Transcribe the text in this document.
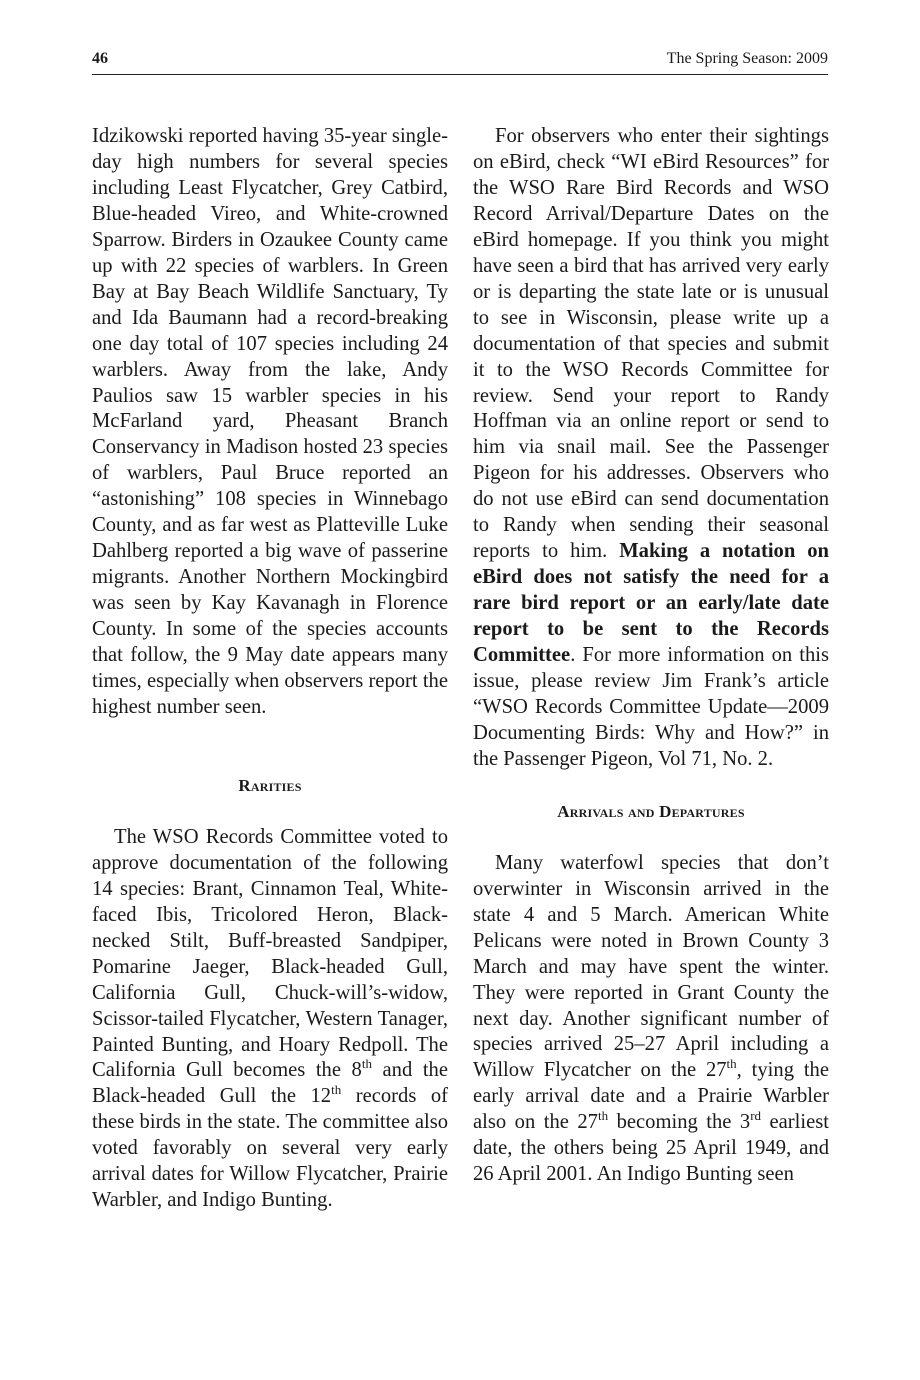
46	The Spring Season: 2009

Idzikowski reported having 35-year single-day high numbers for several species including Least Flycatcher, Grey Catbird, Blue-headed Vireo, and White-crowned Sparrow. Birders in Ozaukee County came up with 22 species of warblers. In Green Bay at Bay Beach Wildlife Sanctuary, Ty and Ida Baumann had a record-breaking one day total of 107 species including 24 warblers. Away from the lake, Andy Paulios saw 15 warbler species in his McFarland yard, Pheasant Branch Conservancy in Madison hosted 23 species of warblers, Paul Bruce reported an “astonishing” 108 species in Winnebago County, and as far west as Platteville Luke Dahlberg reported a big wave of passerine migrants. Another Northern Mockingbird was seen by Kay Kavanagh in Florence County. In some of the species accounts that follow, the 9 May date appears many times, especially when observers report the highest number seen.

Rarities

The WSO Records Committee voted to approve documentation of the following 14 species: Brant, Cinnamon Teal, White-faced Ibis, Tricolored Heron, Black-necked Stilt, Buff-breasted Sandpiper, Pomarine Jaeger, Black-headed Gull, California Gull, Chuck-will’s-widow, Scissor-tailed Flycatcher, Western Tanager, Painted Bunting, and Hoary Redpoll. The California Gull becomes the 8th and the Black-headed Gull the 12th records of these birds in the state. The committee also voted favorably on several very early arrival dates for Willow Flycatcher, Prairie Warbler, and Indigo Bunting.

For observers who enter their sightings on eBird, check “WI eBird Resources” for the WSO Rare Bird Records and WSO Record Arrival/Departure Dates on the eBird homepage. If you think you might have seen a bird that has arrived very early or is departing the state late or is unusual to see in Wisconsin, please write up a documentation of that species and submit it to the WSO Records Committee for review. Send your report to Randy Hoffman via an online report or send to him via snail mail. See the Passenger Pigeon for his addresses. Observers who do not use eBird can send documentation to Randy when sending their seasonal reports to him. Making a notation on eBird does not satisfy the need for a rare bird report or an early/late date report to be sent to the Records Committee. For more information on this issue, please review Jim Frank’s article “WSO Records Committee Update—2009 Documenting Birds: Why and How?” in the Passenger Pigeon, Vol 71, No. 2.

Arrivals and Departures

Many waterfowl species that don’t overwinter in Wisconsin arrived in the state 4 and 5 March. American White Pelicans were noted in Brown County 3 March and may have spent the winter. They were reported in Grant County the next day. Another significant number of species arrived 25–27 April including a Willow Flycatcher on the 27th, tying the early arrival date and a Prairie Warbler also on the 27th becoming the 3rd earliest date, the others being 25 April 1949, and 26 April 2001. An Indigo Bunting seen
